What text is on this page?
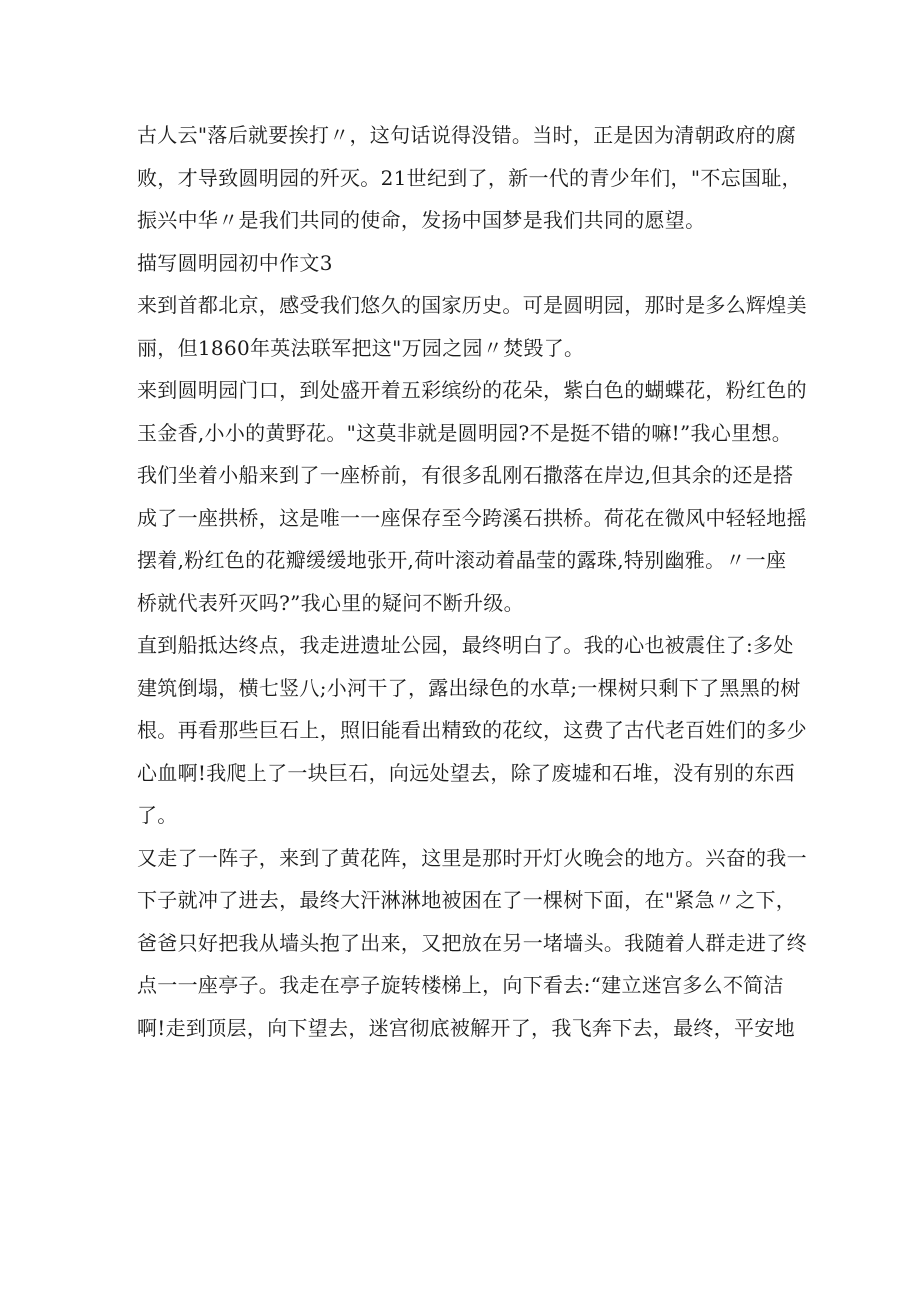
古人云"落后就要挨打〃，这句话说得没错。当时，正是因为清朝政府的腐
败，才导致圆明园的歼灭。21世纪到了，新一代的青少年们，"不忘国耻，
振兴中华〃是我们共同的使命，发扬中国梦是我们共同的愿望。
描写圆明园初中作文3
来到首都北京，感受我们悠久的国家历史。可是圆明园，那时是多么辉煌美
丽，但1860年英法联军把这"万园之园〃焚毁了。
来到圆明园门口，到处盛开着五彩缤纷的花朵，紫白色的蝴蝶花，粉红色的
玉金香,小小的黄野花。"这莫非就是圆明园?不是挺不错的嘛!”我心里想。
我们坐着小船来到了一座桥前，有很多乱刚石撒落在岸边,但其余的还是搭
成了一座拱桥，这是唯一一座保存至今跨溪石拱桥。荷花在微风中轻轻地摇
摆着,粉红色的花瓣缓缓地张开,荷叶滚动着晶莹的露珠,特别幽雅。〃一座
桥就代表歼灭吗?”我心里的疑问不断升级。
直到船抵达终点，我走进遗址公园，最终明白了。我的心也被震住了:多处
建筑倒塌，横七竖八;小河干了，露出绿色的水草;一棵树只剩下了黑黑的树
根。再看那些巨石上，照旧能看出精致的花纹，这费了古代老百姓们的多少
心血啊!我爬上了一块巨石，向远处望去，除了废墟和石堆，没有别的东西
了。
又走了一阵子，来到了黄花阵，这里是那时开灯火晚会的地方。兴奋的我一
下子就冲了进去，最终大汗淋淋地被困在了一棵树下面，在"紧急〃之下，
爸爸只好把我从墙头抱了出来，又把放在另一堵墙头。我随着人群走进了终
点一一座亭子。我走在亭子旋转楼梯上，向下看去:“建立迷宫多么不简洁
啊!走到顶层，向下望去，迷宫彻底被解开了，我飞奔下去，最终，平安地
